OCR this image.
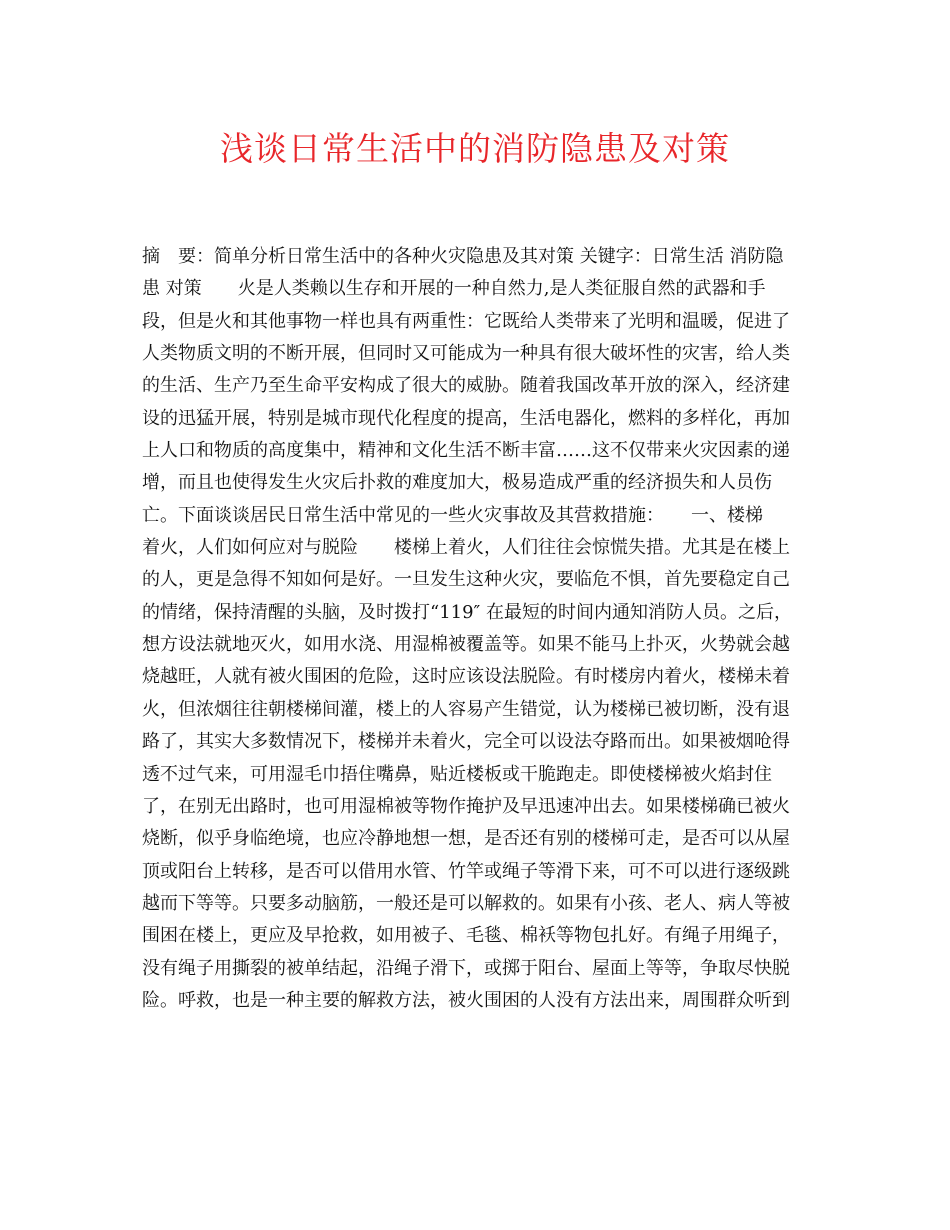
浅谈日常生活中的消防隐患及对策
摘　要：简单分析日常生活中的各种火灾隐患及其对策 关键字：日常生活 消防隐
患 对策　　火是人类赖以生存和开展的一种自然力,是人类征服自然的武器和手
段，但是火和其他事物一样也具有两重性：它既给人类带来了光明和温暖，促进了
人类物质文明的不断开展，但同时又可能成为一种具有很大破坏性的灾害，给人类
的生活、生产乃至生命平安构成了很大的威胁。随着我国改革开放的深入，经济建
设的迅猛开展，特别是城市现代化程度的提高，生活电器化，燃料的多样化，再加
上人口和物质的高度集中，精神和文化生活不断丰富……这不仅带来火灾因素的递
增，而且也使得发生火灾后扑救的难度加大，极易造成严重的经济损失和人员伤
亡。下面谈谈居民日常生活中常见的一些火灾事故及其营救措施：　　一、楼梯
着火，人们如何应对与脱险　　楼梯上着火，人们往往会惊慌失措。尤其是在楼上
的人，更是急得不知如何是好。一旦发生这种火灾，要临危不惧，首先要稳定自己
的情绪，保持清醒的头脑，及时拨打“119″ 在最短的时间内通知消防人员。之后，
想方设法就地灭火，如用水浇、用湿棉被覆盖等。如果不能马上扑灭，火势就会越
烧越旺，人就有被火围困的危险，这时应该设法脱险。有时楼房内着火，楼梯未着
火，但浓烟往往朝楼梯间灌，楼上的人容易产生错觉，认为楼梯已被切断，没有退
路了，其实大多数情况下，楼梯并未着火，完全可以设法夺路而出。如果被烟呛得
透不过气来，可用湿毛巾捂住嘴鼻，贴近楼板或干脆跑走。即使楼梯被火焰封住
了，在别无出路时，也可用湿棉被等物作掩护及早迅速冲出去。如果楼梯确已被火
烧断，似乎身临绝境，也应冷静地想一想，是否还有别的楼梯可走，是否可以从屋
顶或阳台上转移，是否可以借用水管、竹竿或绳子等滑下来，可不可以进行逐级跳
越而下等等。只要多动脑筋，一般还是可以解救的。如果有小孩、老人、病人等被
围困在楼上，更应及早抢救，如用被子、毛毯、棉袄等物包扎好。有绳子用绳子，
没有绳子用撕裂的被单结起，沿绳子滑下，或掷于阳台、屋面上等等，争取尽快脱
险。呼救，也是一种主要的解救方法，被火围困的人没有方法出来，周围群众听到
